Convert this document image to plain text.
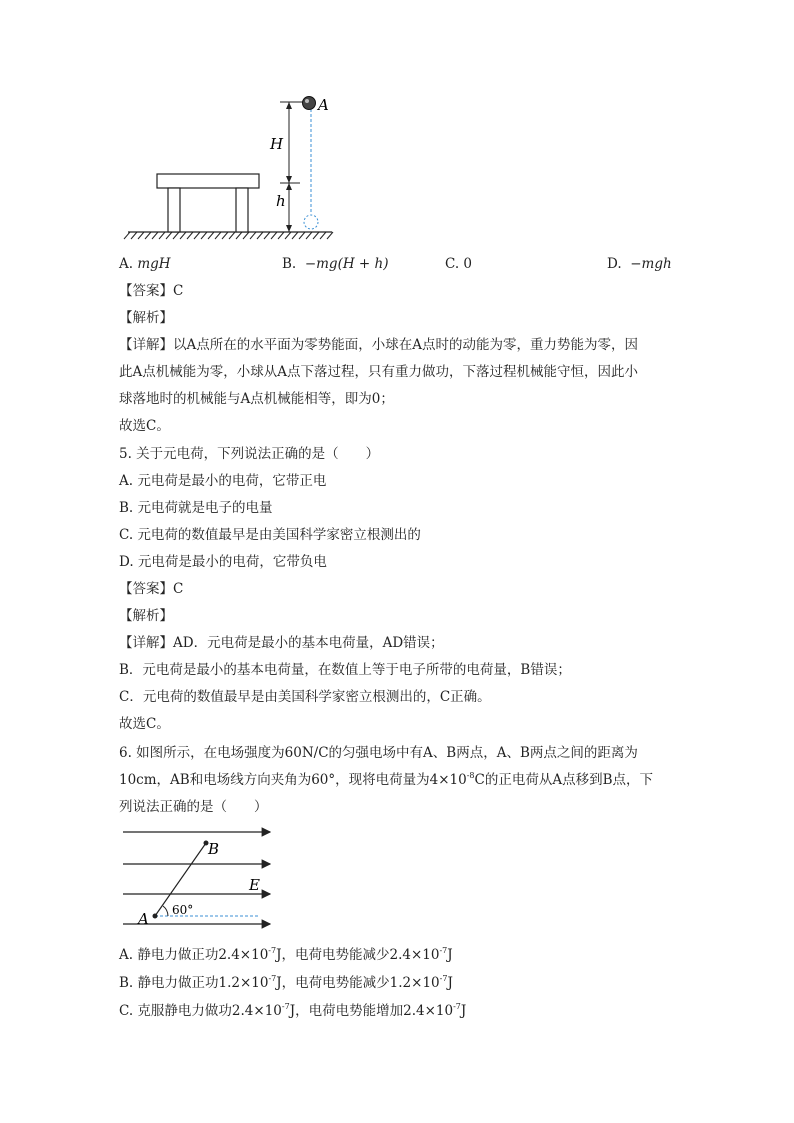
H
h
A
A. mgH	B. −mg(H + h)	C. 0	D. −mgh
【答案】C
【解析】
【详解】以A点所在的水平面为零势能面，小球在A点时的动能为零，重力势能为零，因
此A点机械能为零，小球从A点下落过程，只有重力做功，下落过程机械能守恒，因此小
球落地时的机械能与A点机械能相等，即为0；
故选C。
5. 关于元电荷，下列说法正确的是（　　）
A. 元电荷是最小的电荷，它带正电
B. 元电荷就是电子的电量
C. 元电荷的数值最早是由美国科学家密立根测出的
D. 元电荷是最小的电荷，它带负电
【答案】C
【解析】
【详解】AD．元电荷是最小的基本电荷量，AD错误；
B．元电荷是最小的基本电荷量，在数值上等于电子所带的电荷量，B错误；
C．元电荷的数值最早是由美国科学家密立根测出的，C正确。
故选C。
6. 如图所示，在电场强度为60N/C的匀强电场中有A、B两点，A、B两点之间的距离为
10cm，AB和电场线方向夹角为60°，现将电荷量为$4\times 10^{-8}C$的正电荷从A点移到B点，下
列说法正确的是（　　）
B
E
A 60°
A. 静电力做正功$2.4\times 10^{-7}J$，电荷电势能减少$2.4\times 10^{-7}J$
B. 静电力做正功$1.2\times 10^{-7}J$，电荷电势能减少$1.2\times 10^{-7}J$
C. 克服静电力做功$2.4\times 10^{-7}J$，电荷电势能增加$2.4\times 10^{-7}J$
